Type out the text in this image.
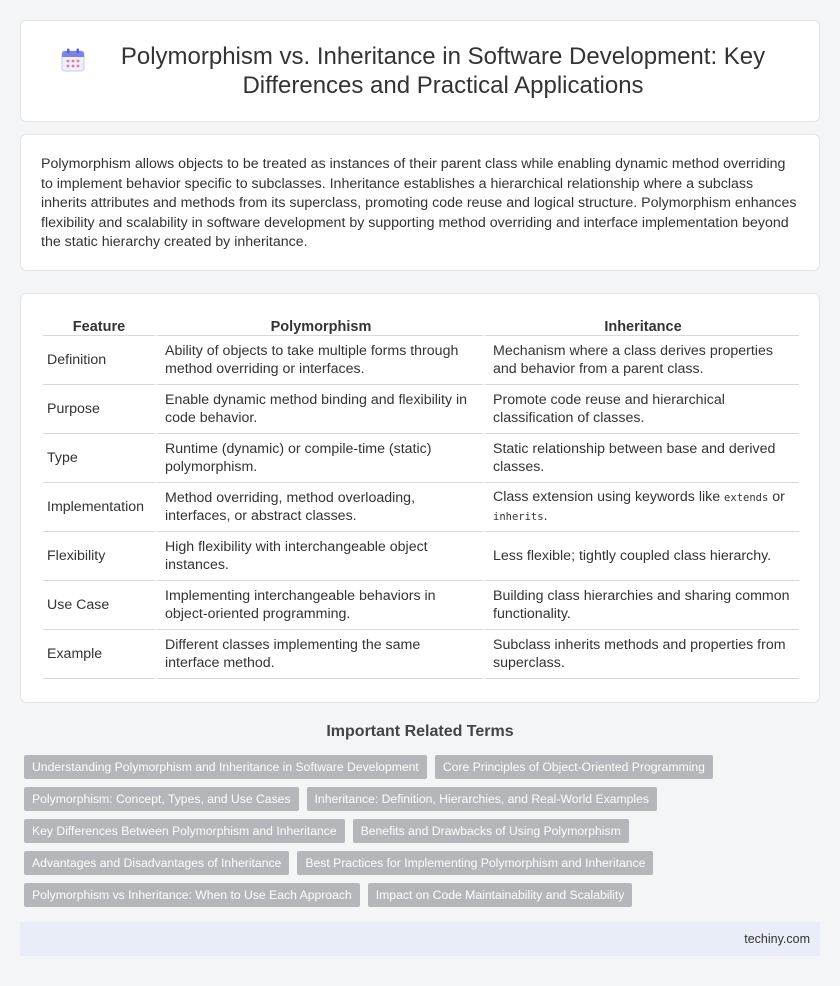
Polymorphism vs. Inheritance in Software Development: Key Differences and Practical Applications

Polymorphism allows objects to be treated as instances of their parent class while enabling dynamic method overriding to implement behavior specific to subclasses. Inheritance establishes a hierarchical relationship where a subclass inherits attributes and methods from its superclass, promoting code reuse and logical structure. Polymorphism enhances flexibility and scalability in software development by supporting method overriding and interface implementation beyond the static hierarchy created by inheritance.

Feature	Polymorphism	Inheritance
Definition	Ability of objects to take multiple forms through method overriding or interfaces.	Mechanism where a class derives properties and behavior from a parent class.
Purpose	Enable dynamic method binding and flexibility in code behavior.	Promote code reuse and hierarchical classification of classes.
Type	Runtime (dynamic) or compile-time (static) polymorphism.	Static relationship between base and derived classes.
Implementation	Method overriding, method overloading, interfaces, or abstract classes.	Class extension using keywords like extends or inherits.
Flexibility	High flexibility with interchangeable object instances.	Less flexible; tightly coupled class hierarchy.
Use Case	Implementing interchangeable behaviors in object-oriented programming.	Building class hierarchies and sharing common functionality.
Example	Different classes implementing the same interface method.	Subclass inherits methods and properties from superclass.
Important Related Terms
Understanding Polymorphism and Inheritance in Software Development	Core Principles of Object-Oriented Programming
Polymorphism: Concept, Types, and Use Cases	Inheritance: Definition, Hierarchies, and Real-World Examples
Key Differences Between Polymorphism and Inheritance	Benefits and Drawbacks of Using Polymorphism
Advantages and Disadvantages of Inheritance	Best Practices for Implementing Polymorphism and Inheritance
Polymorphism vs Inheritance: When to Use Each Approach	Impact on Code Maintainability and Scalability
techiny.com
